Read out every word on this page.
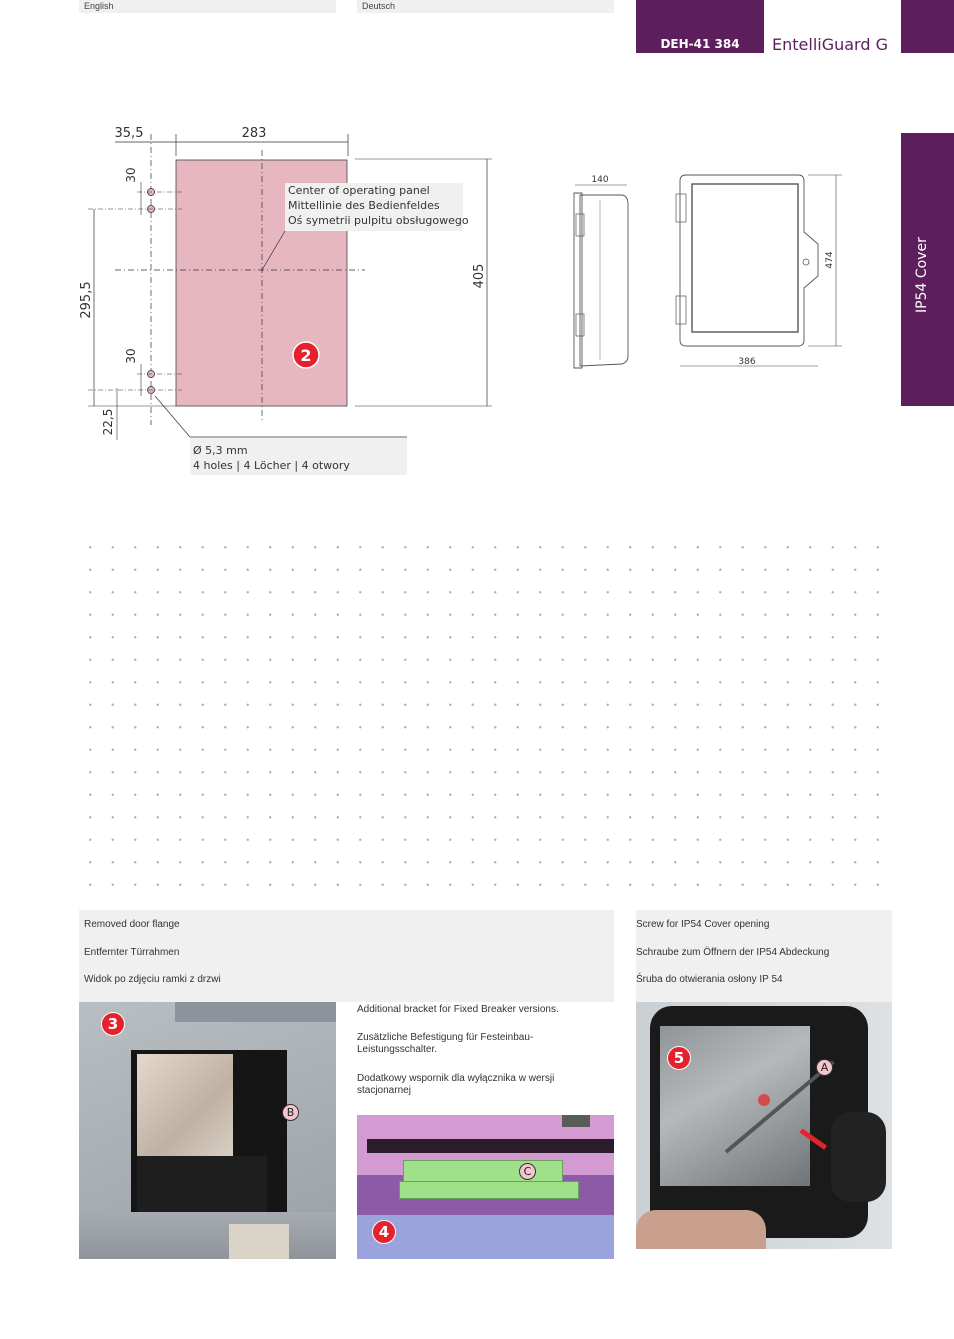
English	Deutsch
DEH-41 384	EntelliGuard G
IP54 Cover
35,5	283
405
30
30
295,5
22,5
Center of operating panel
Mittellinie des Bedienfeldes
Oś symetrii pulpitu obsługowego
2
Ø 5,3 mm
4 holes | 4 Löcher | 4 otwory
140
474
386
Removed door flange
Entfernter Türrahmen
Widok po zdjęciu ramki z drzwi
Screw for IP54 Cover opening
Schraube zum Öffnern der IP54 Abdeckung
Śruba do otwierania osłony IP 54
Additional bracket for Fixed Breaker versions.
Zusätzliche Befestigung für Festeinbau-Leistungsschalter.
Dodatkowy wspornik dla wyłącznika w wersji stacjonarnej
3
B
C
4
5
A
